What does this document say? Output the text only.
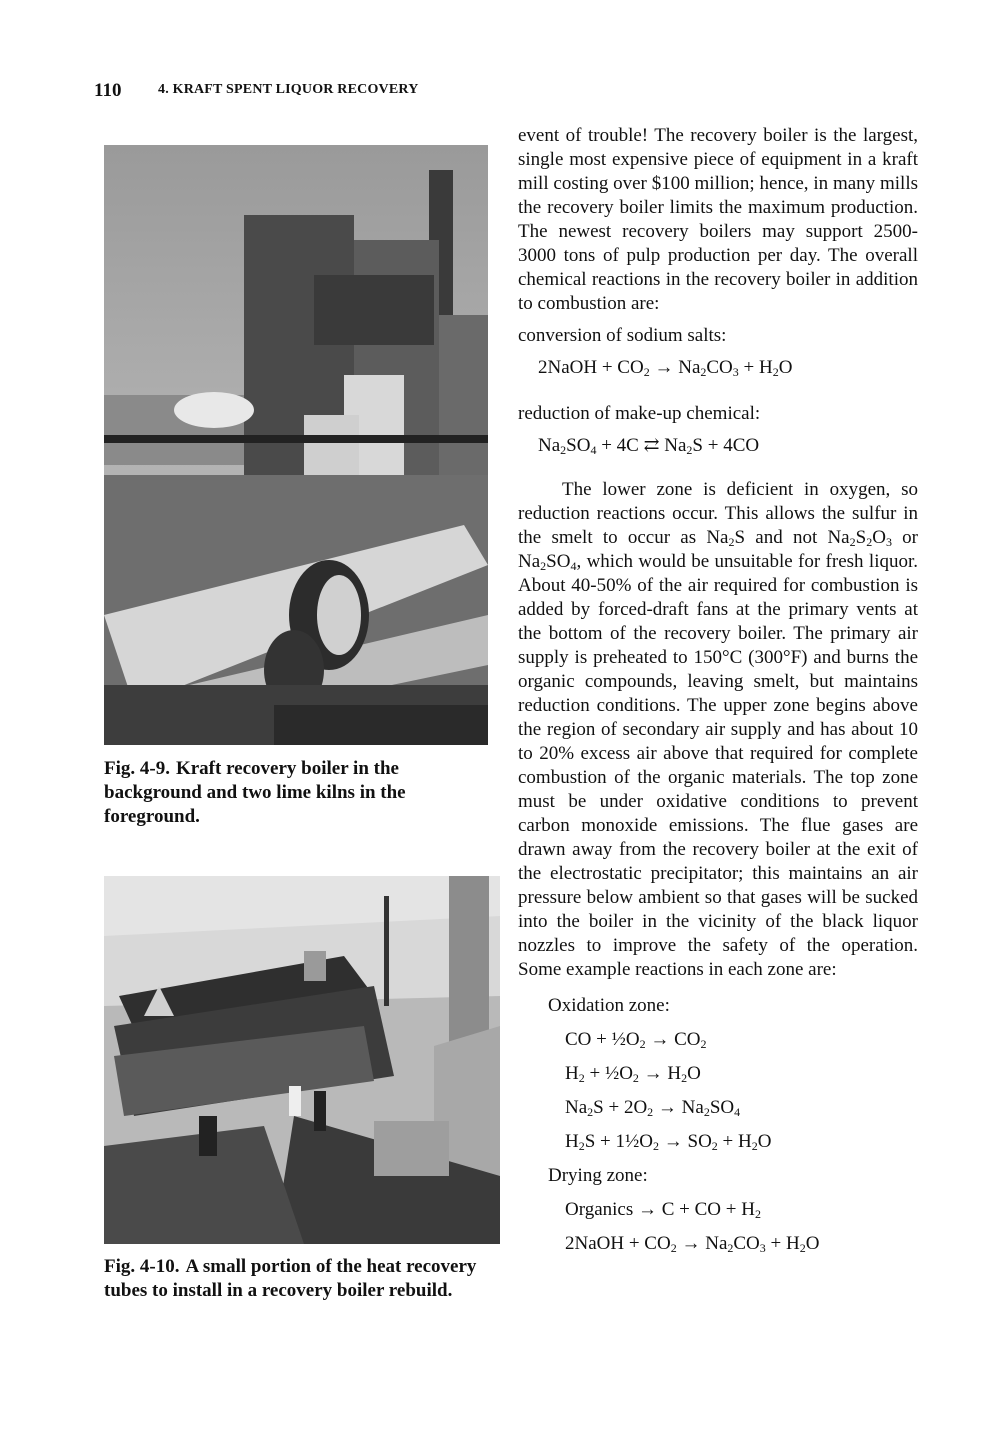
110	4. KRAFT SPENT LIQUOR RECOVERY
Fig. 4-9. Kraft recovery boiler in the background and two lime kilns in the foreground.
Fig. 4-10. A small portion of the heat recovery tubes to install in a recovery boiler rebuild.

event of trouble! The recovery boiler is the largest, single most expensive piece of equipment in a kraft mill costing over $100 million; hence, in many mills the recovery boiler limits the maximum production. The newest recovery boilers may support 2500-3000 tons of pulp production per day. The overall chemical reactions in the recovery boiler in addition to combustion are:

conversion of sodium salts:

2NaOH + $CO_2 \to Na_2CO_3 + H_2O$

reduction of make-up chemical:

$Na_2SO_4 + 4C$ ⇄ $Na_2S + 4CO$

The lower zone is deficient in oxygen, so reduction reactions occur. This allows the sulfur in the smelt to occur as $Na_2S$ and not $Na_2S_2O_3$ or $Na_2SO_4$, which would be unsuitable for fresh liquor. About 40-50% of the air required for combustion is added by forced-draft fans at the primary vents at the bottom of the recovery boiler. The primary air supply is preheated to 150°C (300°F) and burns the organic compounds, leaving smelt, but maintains reduction conditions. The upper zone begins above the region of secondary air supply and has about 10 to 20% excess air above that required for complete combustion of the organic materials. The top zone must be under oxidative conditions to prevent carbon monoxide emissions. The flue gases are drawn away from the recovery boiler at the exit of the electrostatic precipitator; this maintains an air pressure below ambient so that gases will be sucked into the boiler in the vicinity of the black liquor nozzles to improve the safety of the operation. Some example reactions in each zone are:

Oxidation zone:

CO + $\frac{1}{2}O_2 \to CO_2$

$H_2$ + $\frac{1}{2}O_2 \to H_2O$

$Na_2S + 2O_2 \to Na_2SO_4$

$H_2S$ + $1\frac{1}{2}O_2 \to SO_2 + H_2O$

Drying zone:

Organics → C + CO + $H_2$

2NaOH + $CO_2 \to Na_2CO_3 + H_2O$
